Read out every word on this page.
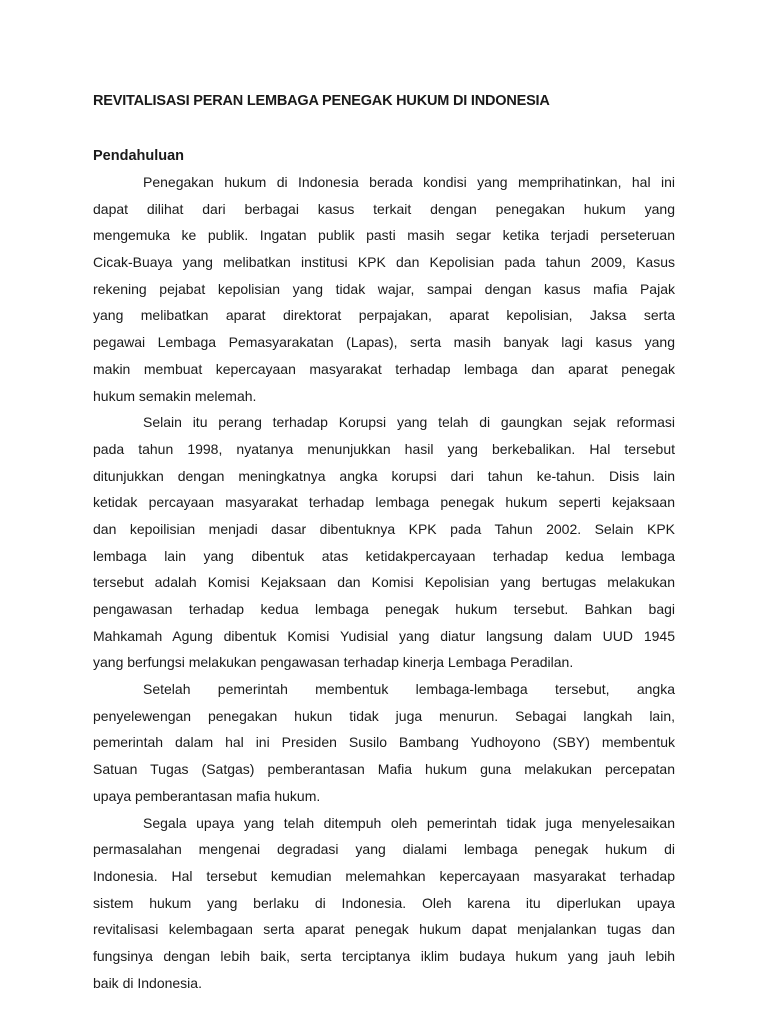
REVITALISASI PERAN LEMBAGA PENEGAK HUKUM DI INDONESIA
Pendahuluan
Penegakan hukum di Indonesia berada kondisi yang memprihatinkan, hal ini
dapat dilihat dari berbagai kasus terkait dengan penegakan hukum yang
mengemuka ke publik. Ingatan publik pasti masih segar ketika terjadi perseteruan
Cicak-Buaya yang melibatkan institusi KPK dan Kepolisian pada tahun 2009, Kasus
rekening pejabat kepolisian yang tidak wajar, sampai dengan kasus mafia Pajak
yang melibatkan aparat direktorat perpajakan, aparat kepolisian, Jaksa serta
pegawai Lembaga Pemasyarakatan (Lapas), serta masih banyak lagi kasus yang
makin membuat kepercayaan masyarakat terhadap lembaga dan aparat penegak
hukum semakin melemah.
Selain itu perang terhadap Korupsi yang telah di gaungkan sejak reformasi
pada tahun 1998, nyatanya menunjukkan hasil yang berkebalikan. Hal tersebut
ditunjukkan dengan meningkatnya angka korupsi dari tahun ke-tahun. Disis lain
ketidak percayaan masyarakat terhadap lembaga penegak hukum seperti kejaksaan
dan kepoilisian menjadi dasar dibentuknya KPK pada Tahun 2002. Selain KPK
lembaga lain yang dibentuk atas ketidakpercayaan terhadap kedua lembaga
tersebut adalah Komisi Kejaksaan dan Komisi Kepolisian yang bertugas melakukan
pengawasan terhadap kedua lembaga penegak hukum tersebut. Bahkan bagi
Mahkamah Agung dibentuk Komisi Yudisial yang diatur langsung dalam UUD 1945
yang berfungsi melakukan pengawasan terhadap kinerja Lembaga Peradilan.
Setelah pemerintah membentuk lembaga-lembaga tersebut, angka
penyelewengan penegakan hukun tidak juga menurun. Sebagai langkah lain,
pemerintah dalam hal ini Presiden Susilo Bambang Yudhoyono (SBY) membentuk
Satuan Tugas (Satgas) pemberantasan Mafia hukum guna melakukan percepatan
upaya pemberantasan mafia hukum.
Segala upaya yang telah ditempuh oleh pemerintah tidak juga menyelesaikan
permasalahan mengenai degradasi yang dialami lembaga penegak hukum di
Indonesia. Hal tersebut kemudian melemahkan kepercayaan masyarakat terhadap
sistem hukum yang berlaku di Indonesia. Oleh karena itu diperlukan upaya
revitalisasi kelembagaan serta aparat penegak hukum dapat menjalankan tugas dan
fungsinya dengan lebih baik, serta terciptanya iklim budaya hukum yang jauh lebih
baik di Indonesia.
